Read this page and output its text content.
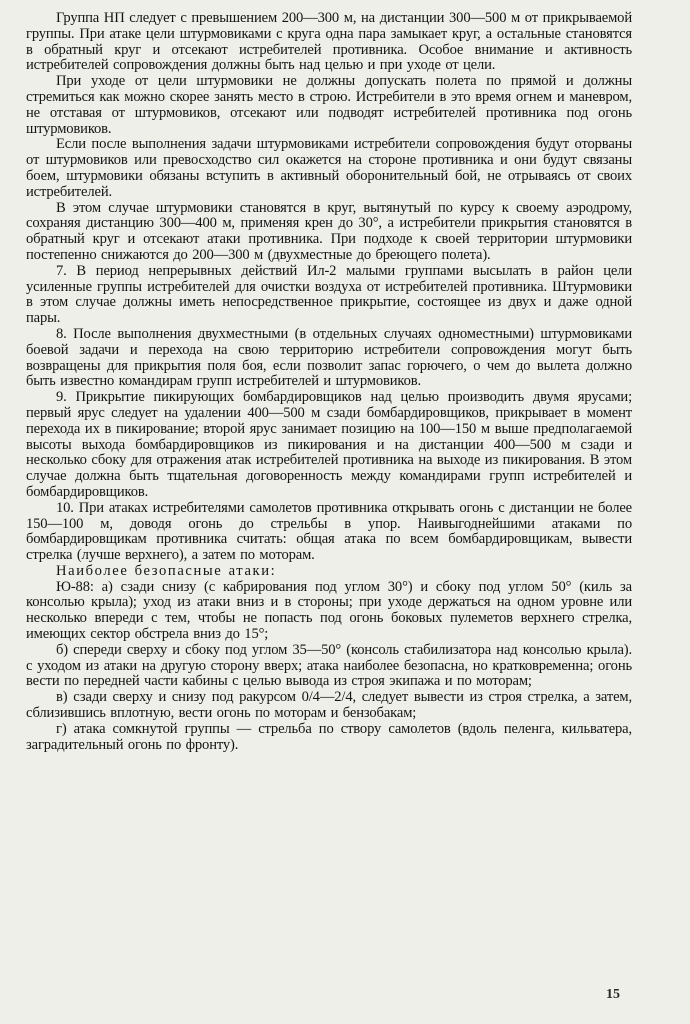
Группа НП следует с превышением 200—300 м, на дистанции 300—500 м от прикрываемой группы. При атаке цели штурмовиками с круга одна пара замыкает круг, а остальные становятся в обратный круг и отсекают истребителей противника. Особое внимание и активность истребителей сопровождения должны быть над целью и при уходе от цели.

При уходе от цели штурмовики не должны допускать полета по прямой и должны стремиться как можно скорее занять место в строю. Истребители в это время огнем и маневром, не отставая от штурмовиков, отсекают или подводят истребителей противника под огонь штурмовиков.

Если после выполнения задачи штурмовиками истребители сопровождения будут оторваны от штурмовиков или превосходство сил окажется на стороне противника и они будут связаны боем, штурмовики обязаны вступить в активный оборонительный бой, не отрываясь от своих истребителей.

В этом случае штурмовики становятся в круг, вытянутый по курсу к своему аэродрому, сохраняя дистанцию 300—400 м, применяя крен до 30°, а истребители прикрытия становятся в обратный круг и отсекают атаки противника. При подходе к своей территории штурмовики постепенно снижаются до 200—300 м (двухместные до бреющего полета).

7. В период непрерывных действий Ил-2 малыми группами высылать в район цели усиленные группы истребителей для очистки воздуха от истребителей противника. Штурмовики в этом случае должны иметь непосредственное прикрытие, состоящее из двух и даже одной пары.

8. После выполнения двухместными (в отдельных случаях одноместными) штурмовиками боевой задачи и перехода на свою территорию истребители сопровождения могут быть возвращены для прикрытия поля боя, если позволит запас горючего, о чем до вылета должно быть известно командирам групп истребителей и штурмовиков.

9. Прикрытие пикирующих бомбардировщиков над целью производить двумя ярусами; первый ярус следует на удалении 400—500 м сзади бомбардировщиков, прикрывает в момент перехода их в пикирование; второй ярус занимает позицию на 100—150 м выше предполагаемой высоты выхода бомбардировщиков из пикирования и на дистанции 400—500 м сзади и несколько сбоку для отражения атак истребителей противника на выходе из пикирования. В этом случае должна быть тщательная договоренность между командирами групп истребителей и бомбардировщиков.

10. При атаках истребителями самолетов противника открывать огонь с дистанции не более 150—100 м, доводя огонь до стрельбы в упор. Наивыгоднейшими атаками по бомбардировщикам противника считать: общая атака по всем бомбардировщикам, вывести стрелка (лучше верхнего), а затем по моторам.

Наиболее безопасные атаки:

Ю-88: а) сзади снизу (с кабрирования под углом 30°) и сбоку под углом 50° (киль за консолью крыла); уход из атаки вниз и в стороны; при уходе держаться на одном уровне или несколько впереди с тем, чтобы не попасть под огонь боковых пулеметов верхнего стрелка, имеющих сектор обстрела вниз до 15°;

б) спереди сверху и сбоку под углом 35—50° (консоль стабилизатора над консолью крыла). с уходом из атаки на другую сторону вверх; атака наиболее безопасна, но кратковременна; огонь вести по передней части кабины с целью вывода из строя экипажа и по моторам;

в) сзади сверху и снизу под ракурсом 0/4—2/4, следует вывести из строя стрелка, а затем, сблизившись вплотную, вести огонь по моторам и бензобакам;

г) атака сомкнутой группы — стрельба по створу самолетов (вдоль пеленга, кильватера, заградительный огонь по фронту).

15
